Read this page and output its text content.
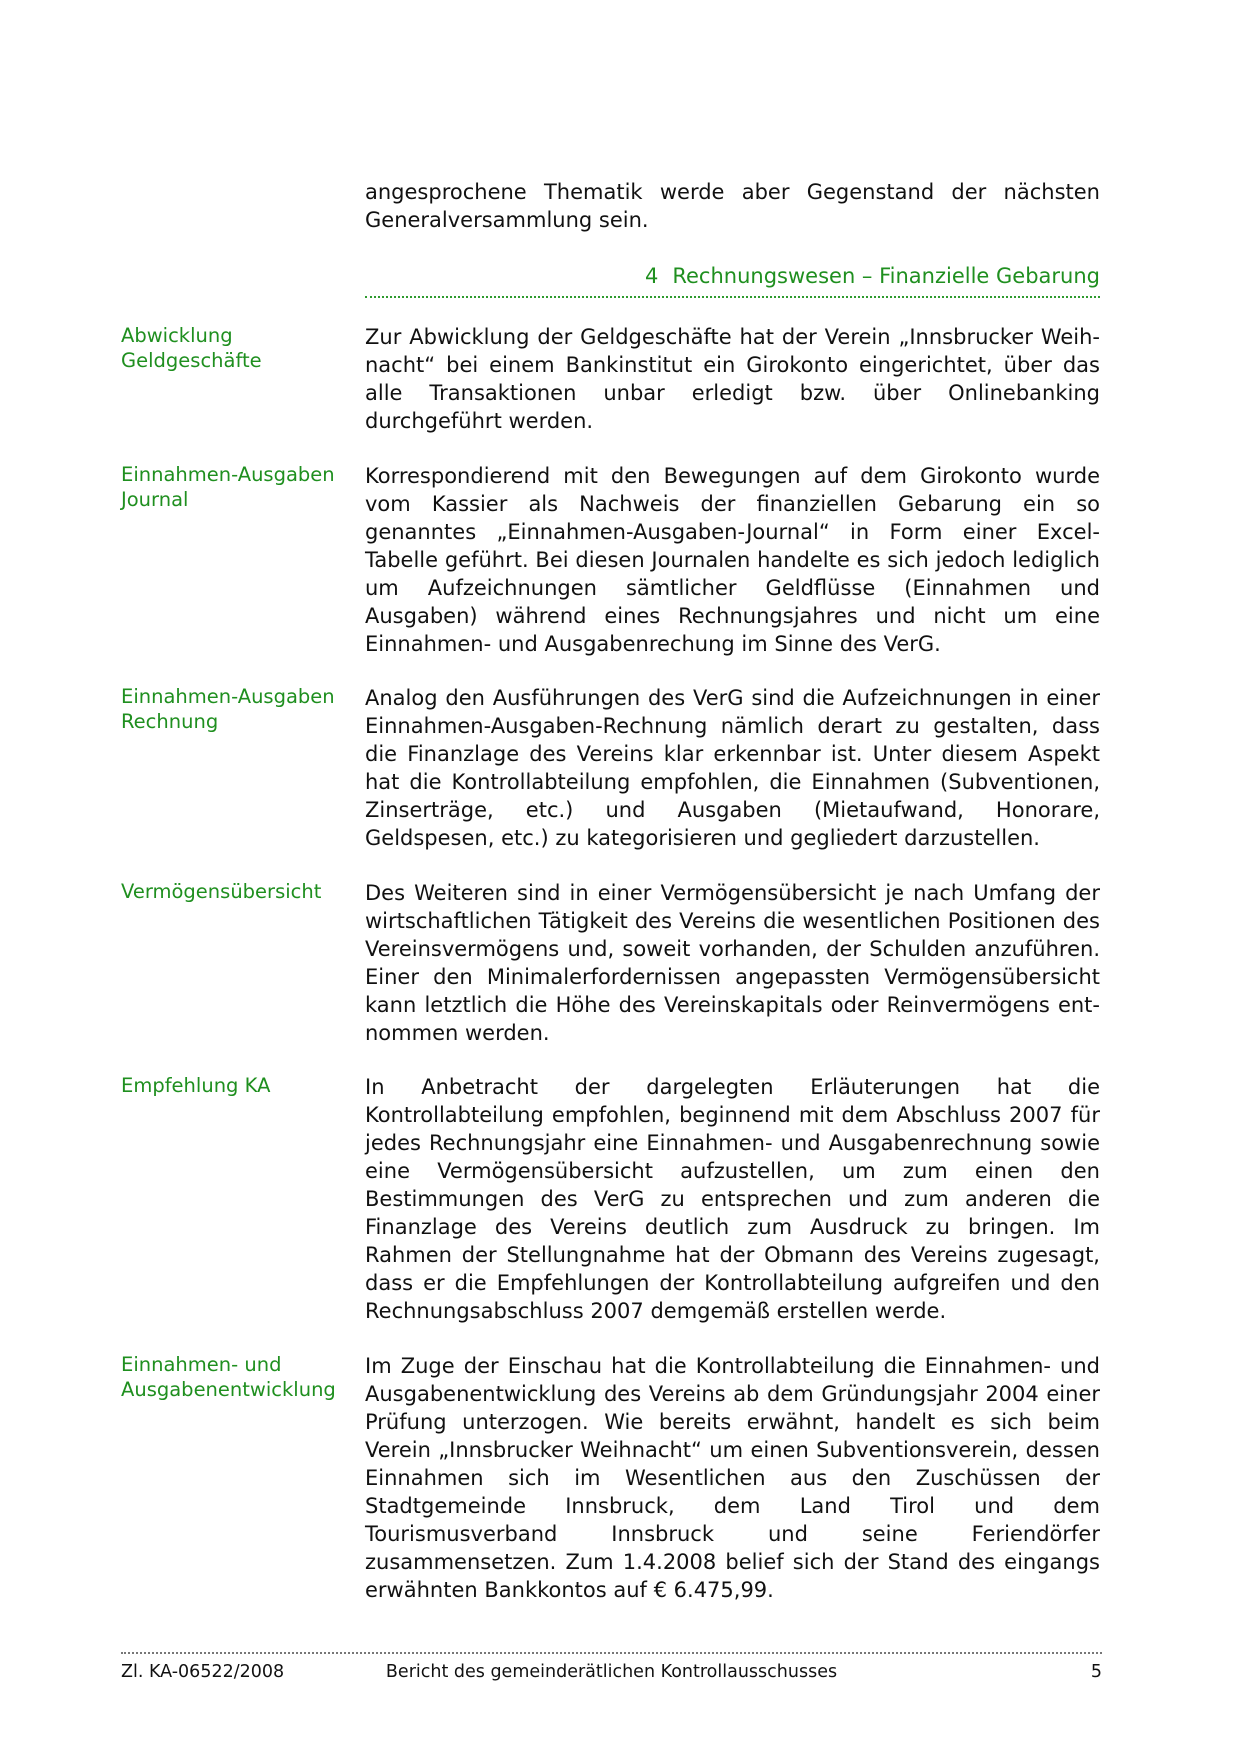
angesprochene Thematik werde aber Gegenstand der nächsten Generalversammlung sein.
4 Rechnungswesen – Finanzielle Gebarung
Abwicklung Geldgeschäfte
Zur Abwicklung der Geldgeschäfte hat der Verein „Innsbrucker Weihnacht“ bei einem Bankinstitut ein Girokonto eingerichtet, über das alle Transaktionen unbar erledigt bzw. über Onlinebanking durchgeführt werden.
Einnahmen-Ausgaben Journal
Korrespondierend mit den Bewegungen auf dem Girokonto wurde vom Kassier als Nachweis der finanziellen Gebarung ein so genanntes „Einnahmen-Ausgaben-Journal“ in Form einer Excel-Tabelle geführt. Bei diesen Journalen handelte es sich jedoch lediglich um Aufzeichnungen sämtlicher Geldflüsse (Einnahmen und Ausgaben) während eines Rechnungsjahres und nicht um eine Einnahmen- und Ausgabenrechung im Sinne des VerG.
Einnahmen-Ausgaben Rechnung
Analog den Ausführungen des VerG sind die Aufzeichnungen in einer Einnahmen-Ausgaben-Rechnung nämlich derart zu gestalten, dass die Finanzlage des Vereins klar erkennbar ist. Unter diesem Aspekt hat die Kontrollabteilung empfohlen, die Einnahmen (Subventionen, Zinserträge, etc.) und Ausgaben (Mietaufwand, Honorare, Geldspesen, etc.) zu kategorisieren und gegliedert darzustellen.
Vermögensübersicht	Des Weiteren sind in einer Vermögensübersicht je nach Umfang der wirtschaftlichen Tätigkeit des Vereins die wesentlichen Positionen des Vereinsvermögens und, soweit vorhanden, der Schulden anzuführen. Einer den Minimalerfordernissen angepassten Vermögensübersicht kann letztlich die Höhe des Vereinskapitals oder Reinvermögens entnommen werden.
Empfehlung KA	In Anbetracht der dargelegten Erläuterungen hat die Kontrollabteilung empfohlen, beginnend mit dem Abschluss 2007 für jedes Rechnungsjahr eine Einnahmen- und Ausgabenrechnung sowie eine Vermögensübersicht aufzustellen, um zum einen den Bestimmungen des VerG zu entsprechen und zum anderen die Finanzlage des Vereins deutlich zum Ausdruck zu bringen. Im Rahmen der Stellungnahme hat der Obmann des Vereins zugesagt, dass er die Empfehlungen der Kontrollabteilung aufgreifen und den Rechnungsabschluss 2007 demgemäß erstellen werde.
Einnahmen- und Ausgabenentwicklung
Im Zuge der Einschau hat die Kontrollabteilung die Einnahmen- und Ausgabenentwicklung des Vereins ab dem Gründungsjahr 2004 einer Prüfung unterzogen. Wie bereits erwähnt, handelt es sich beim Verein „Innsbrucker Weihnacht“ um einen Subventionsverein, dessen Einnahmen sich im Wesentlichen aus den Zuschüssen der Stadtgemeinde Innsbruck, dem Land Tirol und dem Tourismusverband Innsbruck und seine Feriendörfer zusammensetzen. Zum 1.4.2008 belief sich der Stand des eingangs erwähnten Bankkontos auf € 6.475,99.
Zl. KA-06522/2008	Bericht des gemeinderätlichen Kontrollausschusses	5
